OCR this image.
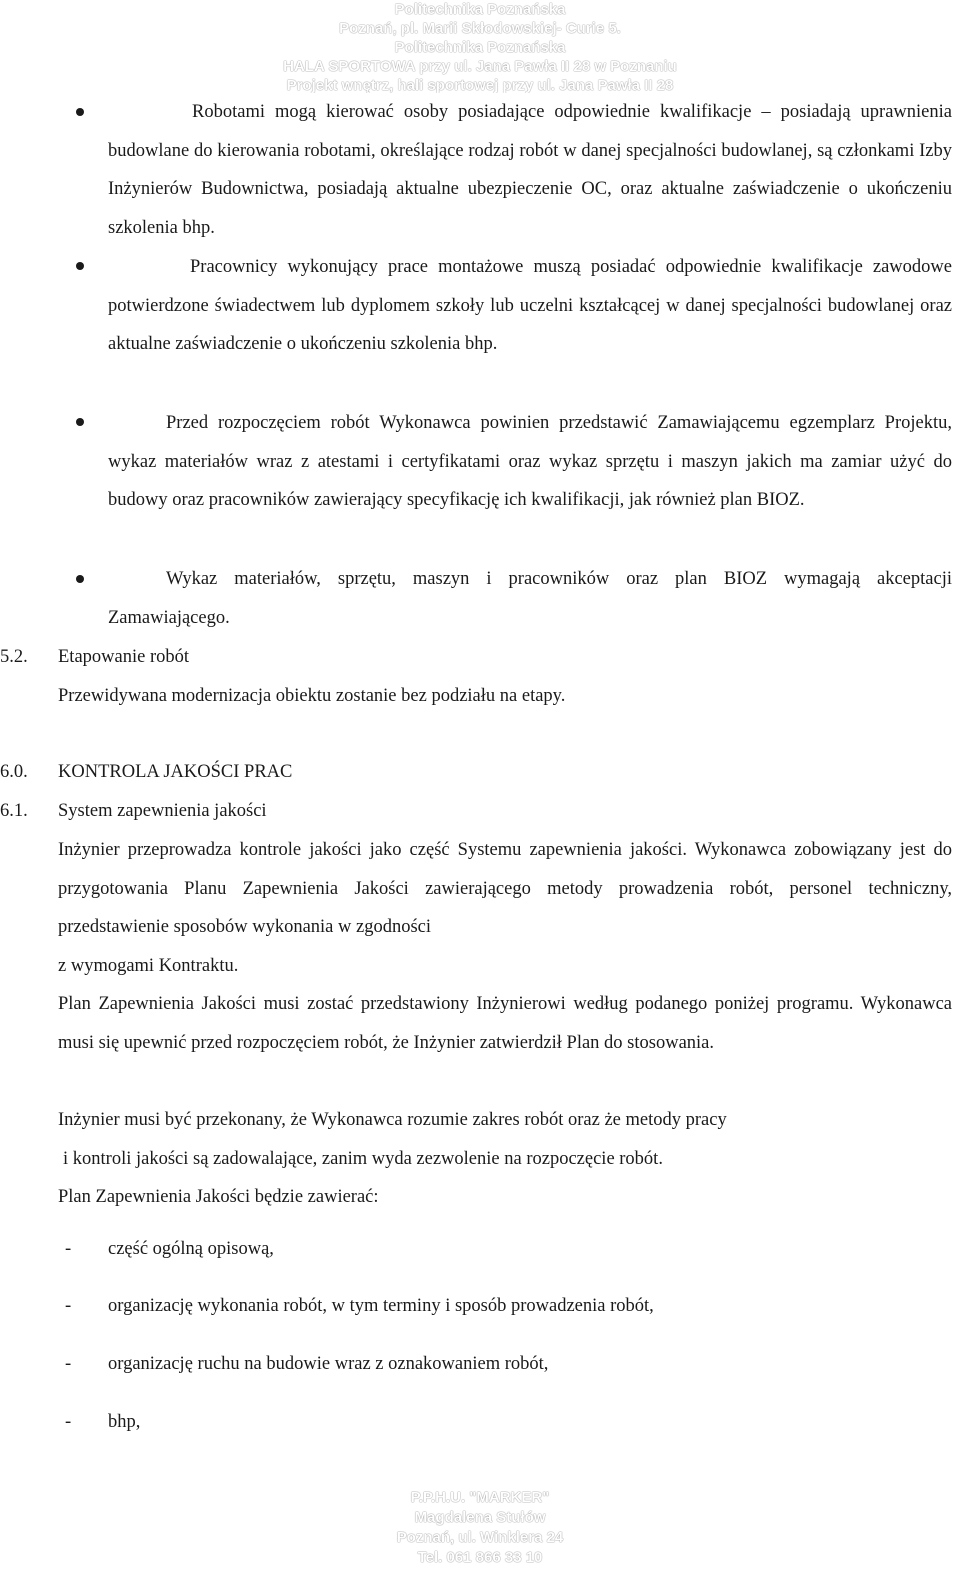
Politechnika Poznańska
Poznań, pl. Marii Skłodowskiej- Curie 5.
Politechnika Poznańska
HALA SPORTOWA przy ul. Jana Pawła II 28 w Poznaniu
Projekt wnętrz, hali sportowej przy ul. Jana Pawła II 28
Robotami mogą kierować osoby posiadające odpowiednie kwalifikacje – posiadają uprawnienia budowlane do kierowania robotami, określające rodzaj robót w danej specjalności budowlanej, są członkami Izby Inżynierów Budownictwa, posiadają aktualne ubezpieczenie OC, oraz aktualne zaświadczenie o ukończeniu szkolenia bhp.
Pracownicy wykonujący prace montażowe muszą posiadać odpowiednie kwalifikacje zawodowe potwierdzone świadectwem lub dyplomem szkoły lub uczelni kształcącej w danej specjalności budowlanej oraz aktualne zaświadczenie o ukończeniu szkolenia bhp.
Przed rozpoczęciem robót Wykonawca powinien przedstawić Zamawiającemu egzemplarz Projektu, wykaz materiałów wraz z atestami i certyfikatami oraz wykaz sprzętu i maszyn jakich ma zamiar użyć do budowy oraz pracowników zawierający specyfikację ich kwalifikacji, jak również plan BIOZ.
Wykaz materiałów, sprzętu, maszyn i pracowników oraz plan BIOZ wymagają akceptacji Zamawiającego.
5.2. Etapowanie robót
Przewidywana modernizacja obiektu zostanie bez podziału na etapy.
6.0. KONTROLA JAKOŚCI PRAC
6.1. System zapewnienia jakości
Inżynier przeprowadza kontrole jakości jako część Systemu zapewnienia jakości. Wykonawca zobowiązany jest do przygotowania Planu Zapewnienia Jakości zawierającego metody prowadzenia robót, personel techniczny, przedstawienie sposobów wykonania w zgodności
z wymogami Kontraktu.
Plan Zapewnienia Jakości musi zostać przedstawiony Inżynierowi według podanego poniżej programu. Wykonawca musi się upewnić przed rozpoczęciem robót, że Inżynier zatwierdził Plan do stosowania.
Inżynier musi być przekonany, że Wykonawca rozumie zakres robót oraz że metody pracy
i kontroli jakości są zadowalające, zanim wyda zezwolenie na rozpoczęcie robót.
Plan Zapewnienia Jakości będzie zawierać:
- część ogólną opisową,
- organizację wykonania robót, w tym terminy i sposób prowadzenia robót,
- organizację ruchu na budowie wraz z oznakowaniem robót,
- bhp,
P.P.H.U. "MARKER"
Magdalena Stułów
Poznań, ul. Winklera 24
Tel. 061 866 33 10
